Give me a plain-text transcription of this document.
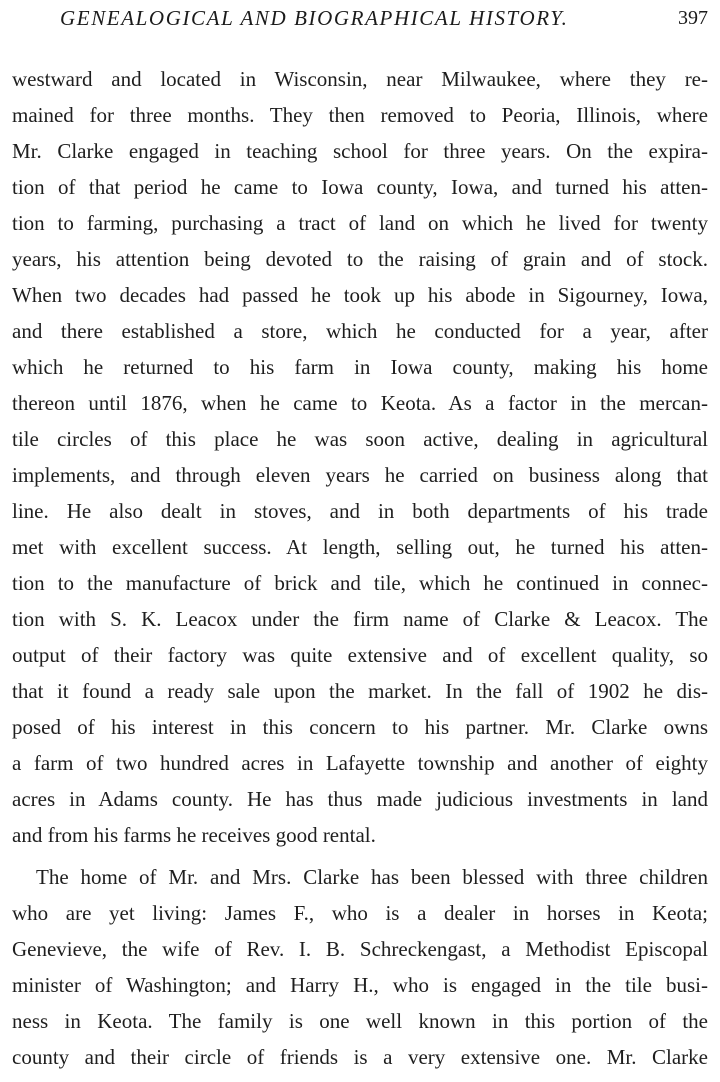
GENEALOGICAL AND BIOGRAPHICAL HISTORY.	397
westward and located in Wisconsin, near Milwaukee, where they re-
mained for three months. They then removed to Peoria, Illinois, where
Mr. Clarke engaged in teaching school for three years. On the expira-
tion of that period he came to Iowa county, Iowa, and turned his atten-
tion to farming, purchasing a tract of land on which he lived for twenty
years, his attention being devoted to the raising of grain and of stock.
When two decades had passed he took up his abode in Sigourney, Iowa,
and there established a store, which he conducted for a year, after
which he returned to his farm in Iowa county, making his home
thereon until 1876, when he came to Keota. As a factor in the mercan-
tile circles of this place he was soon active, dealing in agricultural
implements, and through eleven years he carried on business along that
line. He also dealt in stoves, and in both departments of his trade
met with excellent success. At length, selling out, he turned his atten-
tion to the manufacture of brick and tile, which he continued in connec-
tion with S. K. Leacox under the firm name of Clarke & Leacox. The
output of their factory was quite extensive and of excellent quality, so
that it found a ready sale upon the market. In the fall of 1902 he dis-
posed of his interest in this concern to his partner. Mr. Clarke owns
a farm of two hundred acres in Lafayette township and another of eighty
acres in Adams county. He has thus made judicious investments in land
and from his farms he receives good rental.
The home of Mr. and Mrs. Clarke has been blessed with three children
who are yet living: James F., who is a dealer in horses in Keota;
Genevieve, the wife of Rev. I. B. Schreckengast, a Methodist Episcopal
minister of Washington; and Harry H., who is engaged in the tile busi-
ness in Keota. The family is one well known in this portion of the
county and their circle of friends is a very extensive one. Mr. Clarke
